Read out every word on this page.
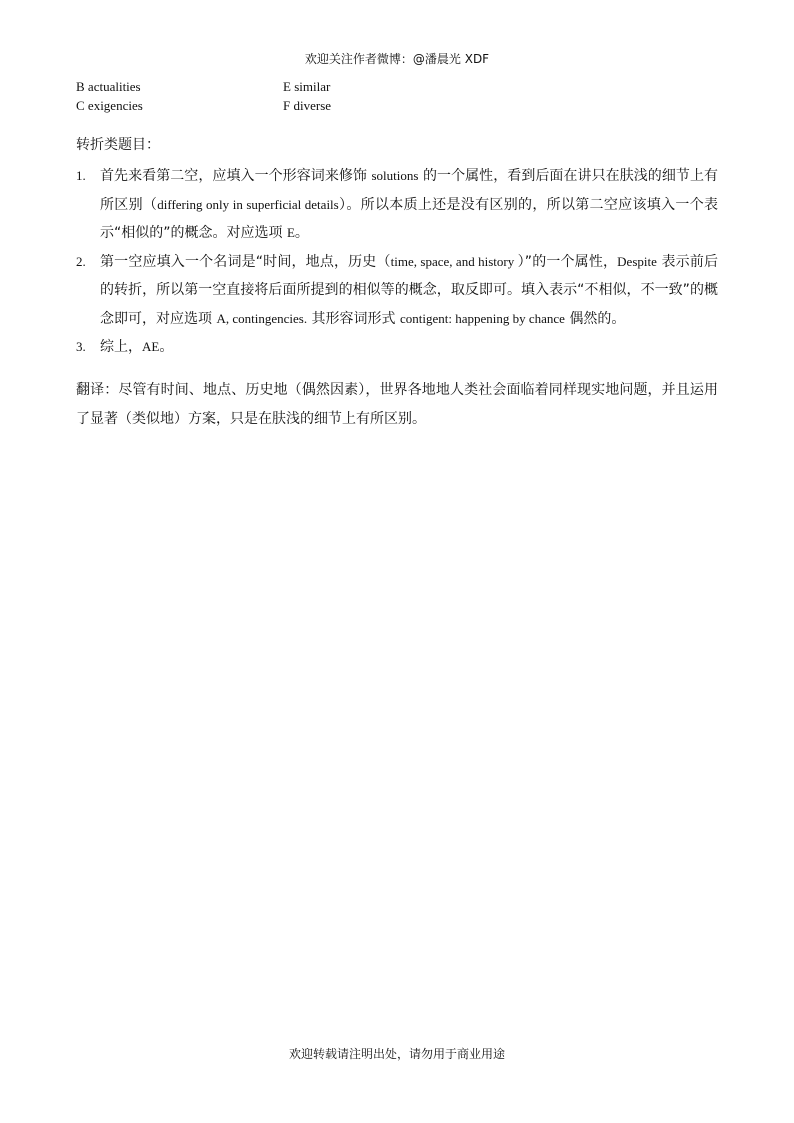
欢迎关注作者微博：@潘晨光 XDF
B actualities	E similar
C exigencies	F diverse
转折类题目：
1. 首先来看第二空，应填入一个形容词来修饰 solutions 的一个属性，看到后面在讲只在肤浅的细节上有所区别（differing only in superficial details）。所以本质上还是没有区别的，所以第二空应该填入一个表示“相似的”的概念。对应选项 E。
2. 第一空应填入一个名词是“时间，地点，历史（time, space, and history ）”的一个属性，Despite 表示前后的转折，所以第一空直接将后面所提到的相似等的概念，取反即可。填入表示“不相似，不一致”的概念即可，对应选项 A, contingencies. 其形容词形式 contigent: happening by chance 偶然的。
3. 综上，AE。
翻译：尽管有时间、地点、历史地（偶然因素），世界各地地人类社会面临着同样现实地问题，并且运用了显著（类似地）方案，只是在肤浅的细节上有所区别。
欢迎转载请注明出处，请勿用于商业用途
